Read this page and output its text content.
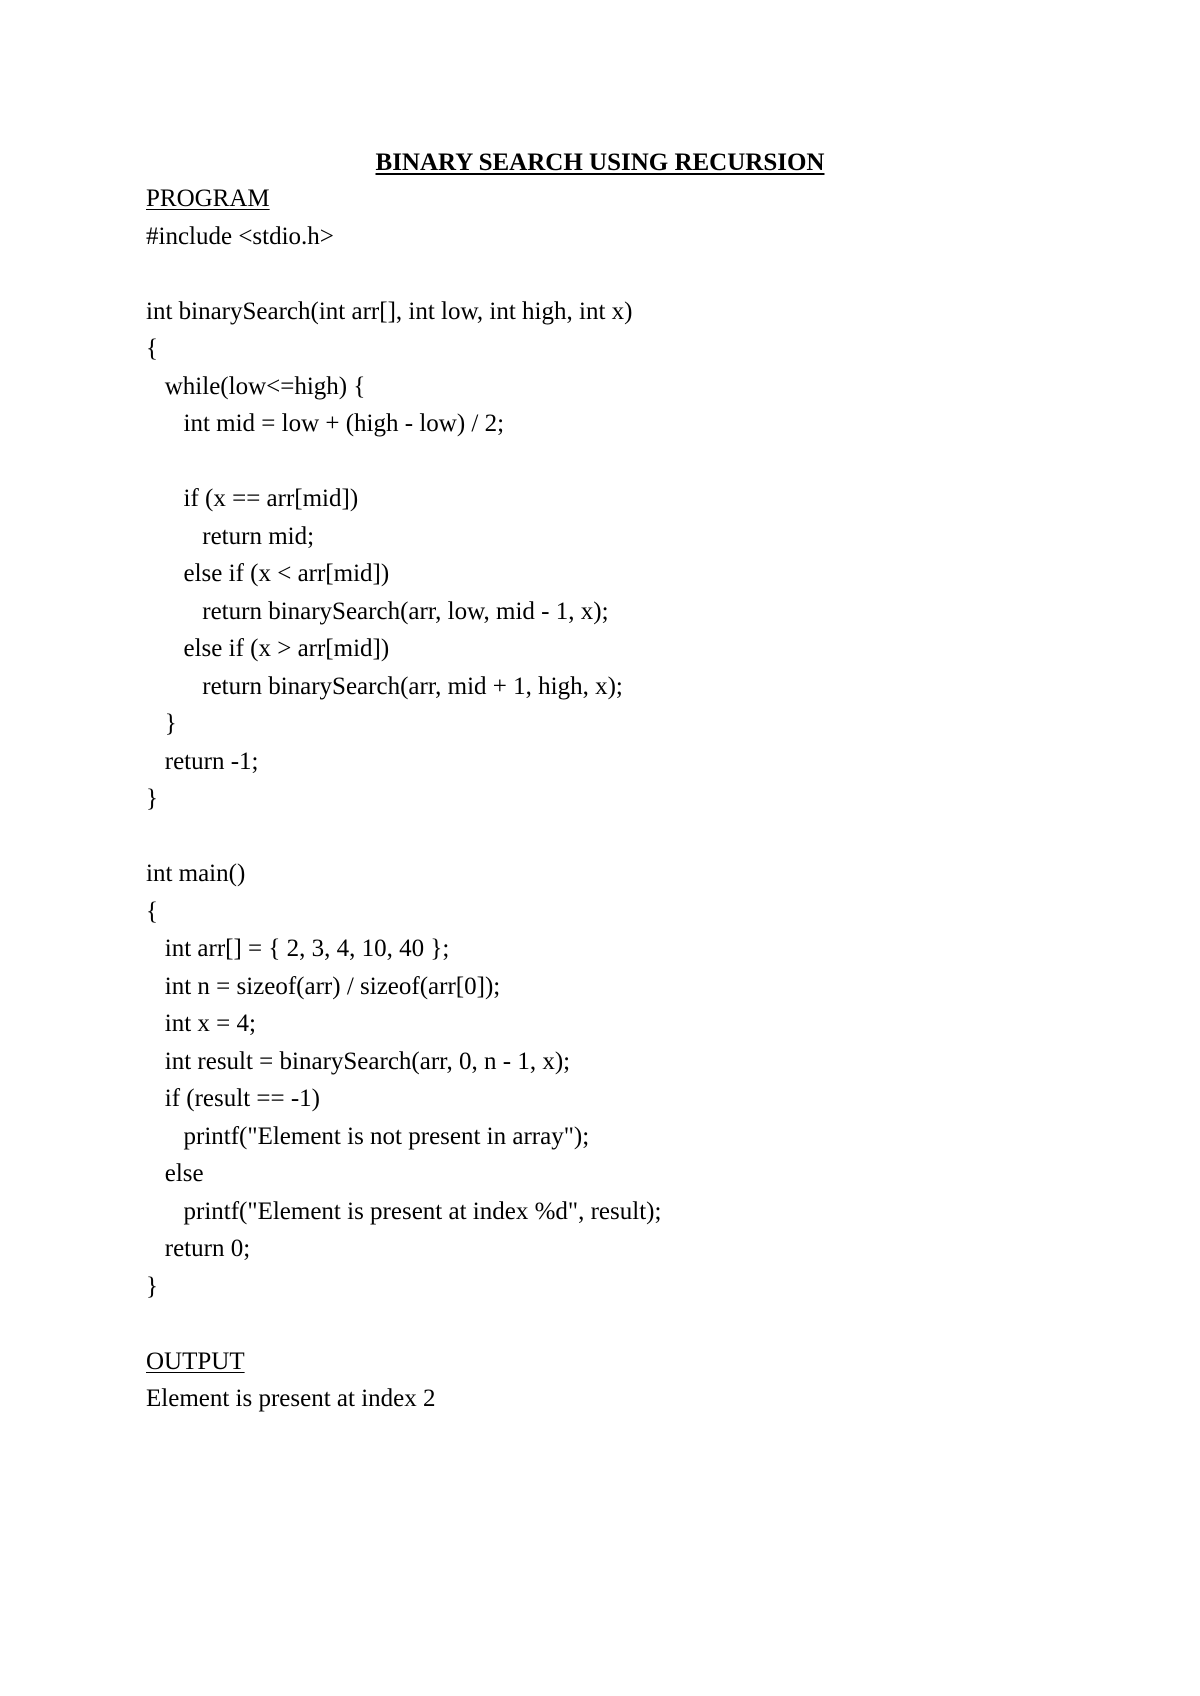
BINARY SEARCH USING RECURSION
PROGRAM
#include <stdio.h>
int binarySearch(int arr[], int low, int high, int x)
{
while(low<=high) {
int mid = low + (high - low) / 2;
if (x == arr[mid])
return mid;
else if (x < arr[mid])
return binarySearch(arr, low, mid - 1, x);
else if (x > arr[mid])
return binarySearch(arr, mid + 1, high, x);
}
return -1;
}
int main()
{
int arr[] = { 2, 3, 4, 10, 40 };
int n = sizeof(arr) / sizeof(arr[0]);
int x = 4;
int result = binarySearch(arr, 0, n - 1, x);
if (result == -1)
printf("Element is not present in array");
else
printf("Element is present at index %d", result);
return 0;
}
OUTPUT
Element is present at index 2
